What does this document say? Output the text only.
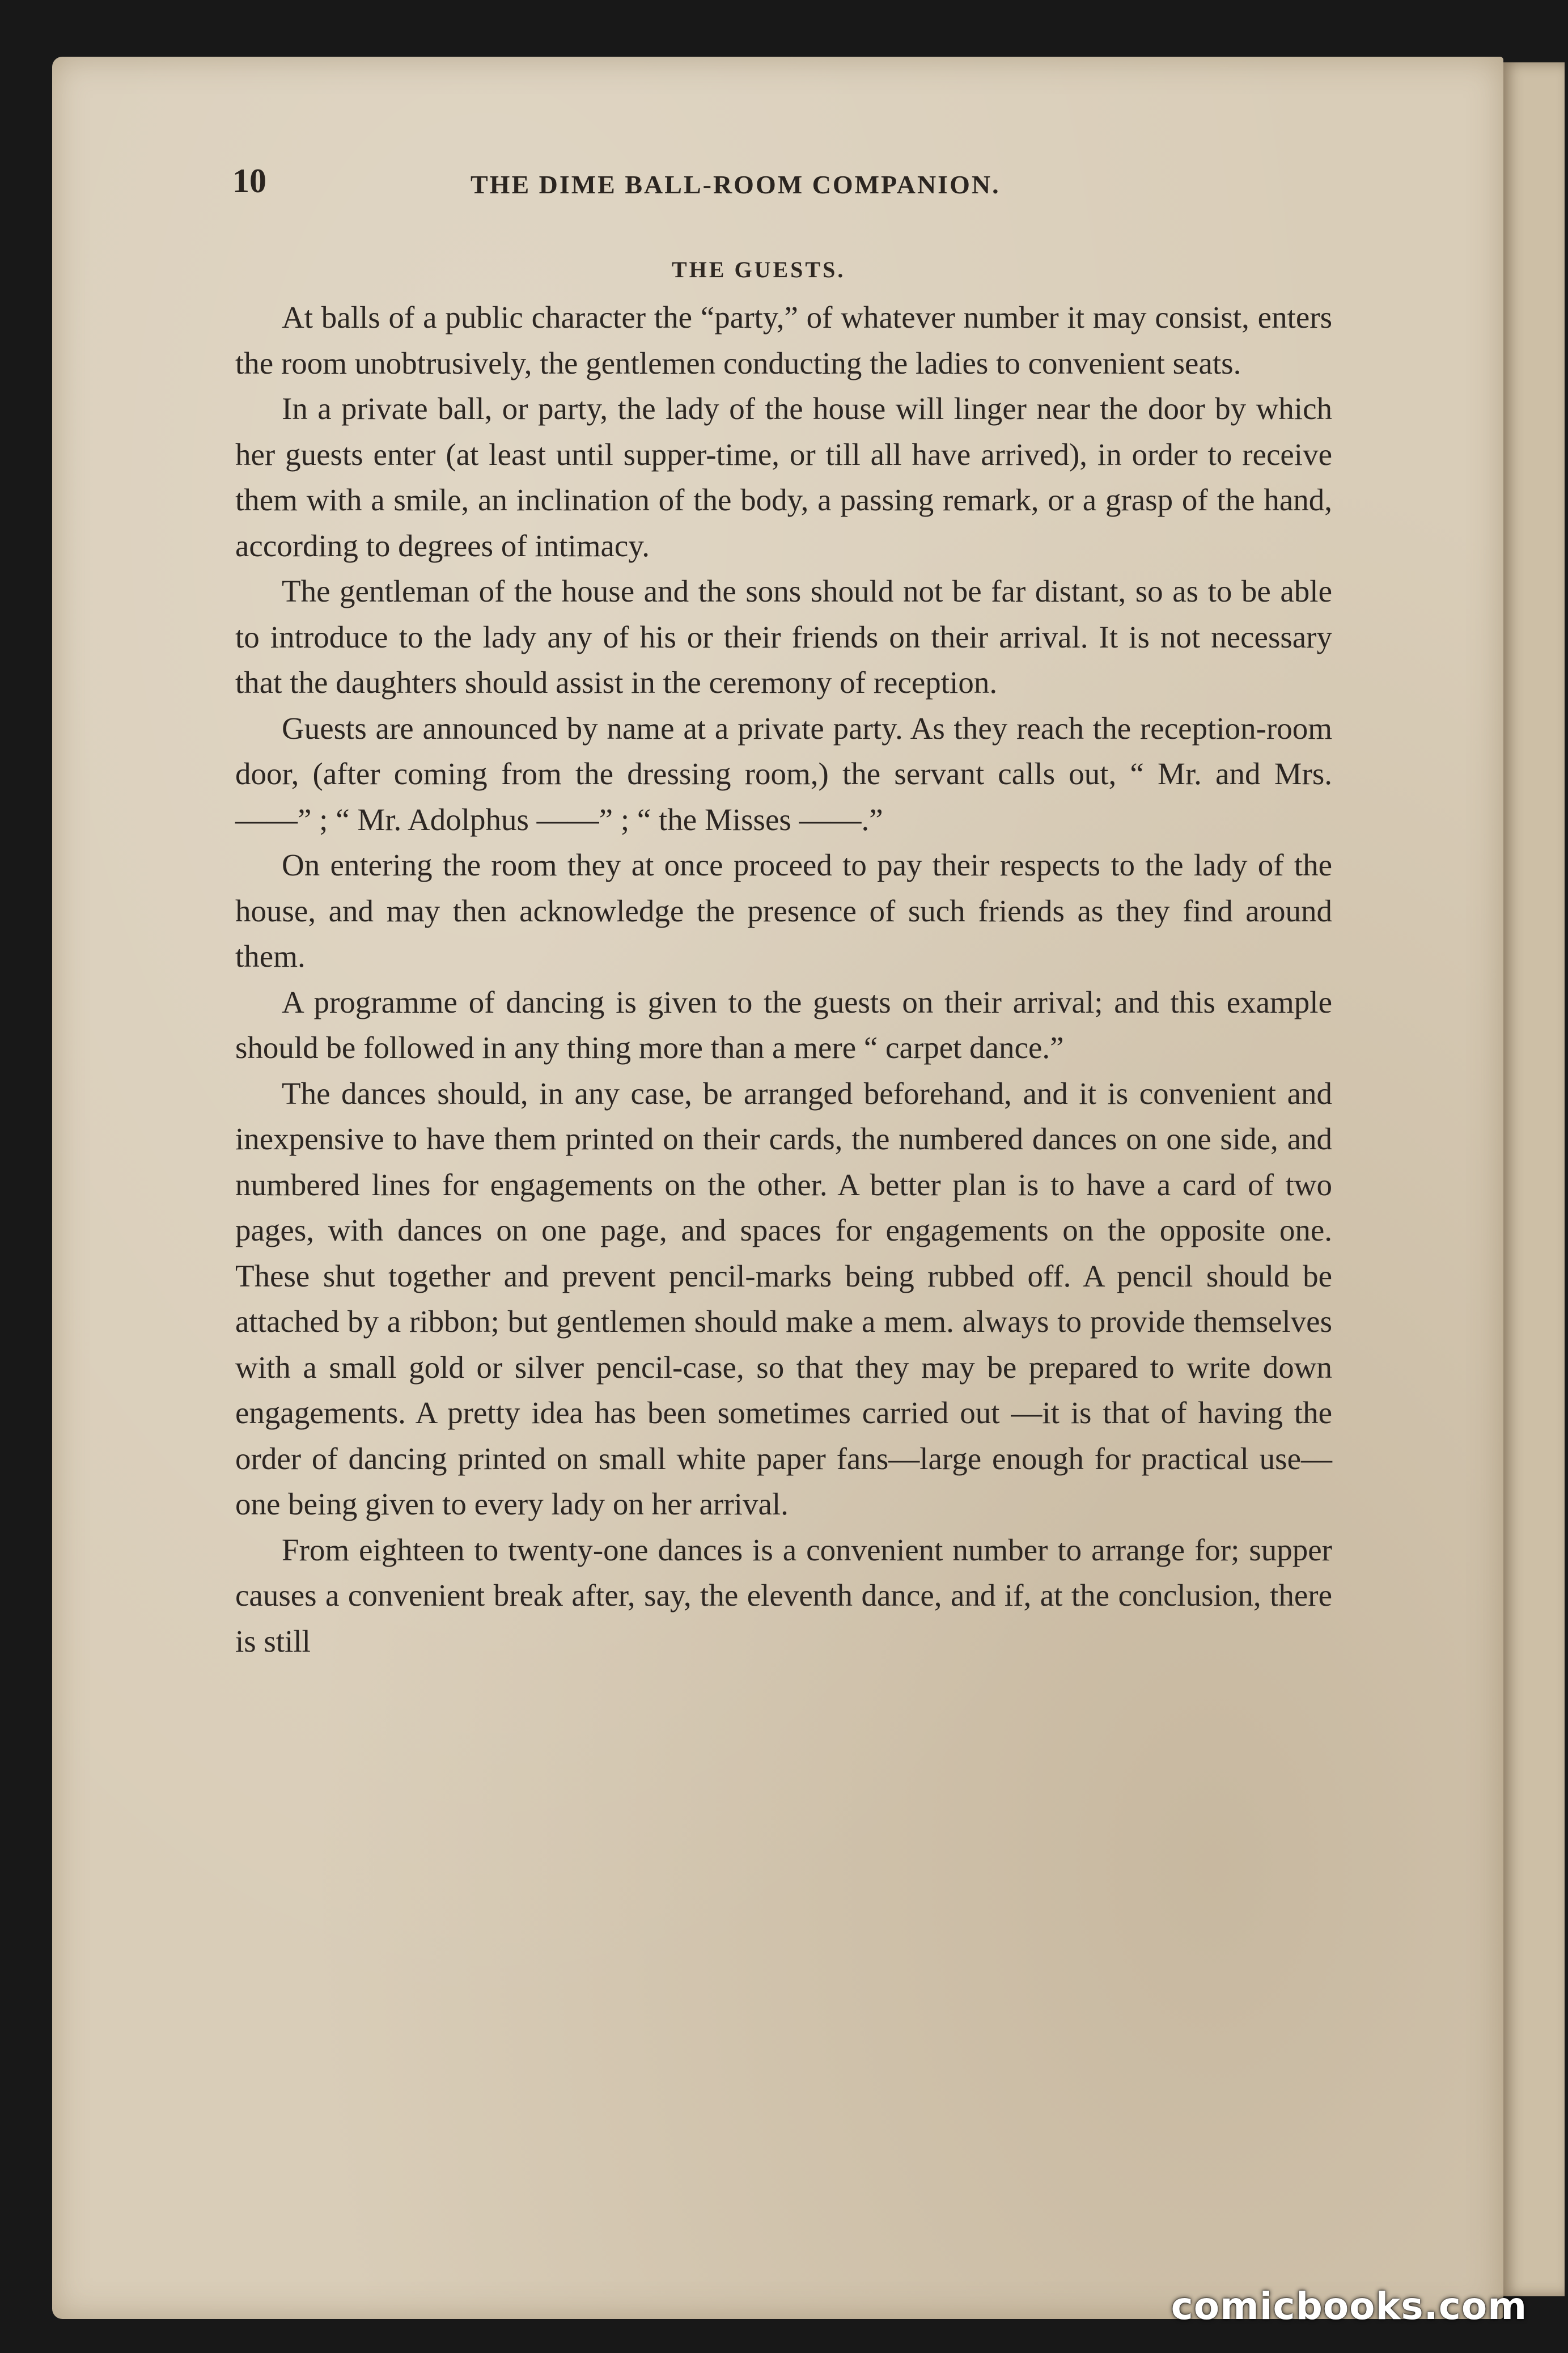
10	THE DIME BALL-ROOM COMPANION.
THE GUESTS.

At balls of a public character the “party,” of whatever number it may consist, enters the room unobtrusively, the gentlemen conducting the ladies to convenient seats.

In a private ball, or party, the lady of the house will linger near the door by which her guests enter (at least until supper-time, or till all have arrived), in order to receive them with a smile, an inclination of the body, a passing remark, or a grasp of the hand, according to degrees of intimacy.

The gentleman of the house and the sons should not be far distant, so as to be able to introduce to the lady any of his or their friends on their arrival. It is not necessary that the daughters should assist in the ceremony of reception.

Guests are announced by name at a private party. As they reach the reception-room door, (after coming from the dressing room,) the servant calls out, “ Mr. and Mrs. ——” ; “ Mr. Adolphus ——” ; “ the Misses ——.”

On entering the room they at once proceed to pay their respects to the lady of the house, and may then acknowledge the presence of such friends as they find around them.

A programme of dancing is given to the guests on their arrival; and this example should be followed in any thing more than a mere “ carpet dance.”

The dances should, in any case, be arranged beforehand, and it is convenient and inexpensive to have them printed on their cards, the numbered dances on one side, and numbered lines for engagements on the other. A better plan is to have a card of two pages, with dances on one page, and spaces for engagements on the opposite one. These shut together and prevent pencil-marks being rubbed off. A pencil should be attached by a ribbon; but gentlemen should make a mem. always to provide themselves with a small gold or silver pencil-case, so that they may be prepared to write down engagements. A pretty idea has been sometimes carried out —it is that of having the order of dancing printed on small white paper fans—large enough for practical use—one being given to every lady on her arrival.

From eighteen to twenty-one dances is a convenient number to arrange for; supper causes a convenient break after, say, the eleventh dance, and if, at the conclusion, there is still

comicbooks.com
